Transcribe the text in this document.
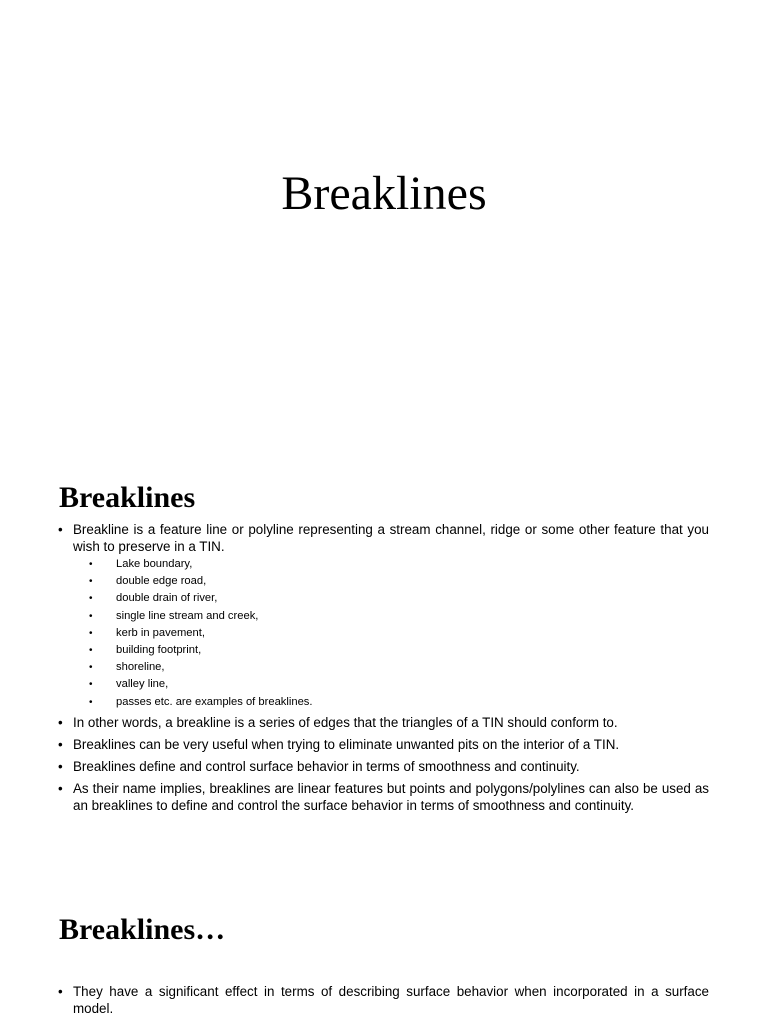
Breaklines
Breaklines
• Breakline is a feature line or polyline representing a stream channel, ridge or some other feature that you wish to preserve in a TIN.
• Lake boundary,
• double edge road,
• double drain of river,
• single line stream and creek,
• kerb in pavement,
• building footprint,
• shoreline,
• valley line,
• passes etc. are examples of breaklines.
• In other words, a breakline is a series of edges that the triangles of a TIN should conform to.
• Breaklines can be very useful when trying to eliminate unwanted pits on the interior of a TIN.
• Breaklines define and control surface behavior in terms of smoothness and continuity.
• As their name implies, breaklines are linear features but points and polygons/polylines can also be used as an breaklines to define and control the surface behavior in terms of smoothness and continuity.
Breaklines…
• They have a significant effect in terms of describing surface behavior when incorporated in a surface model.
